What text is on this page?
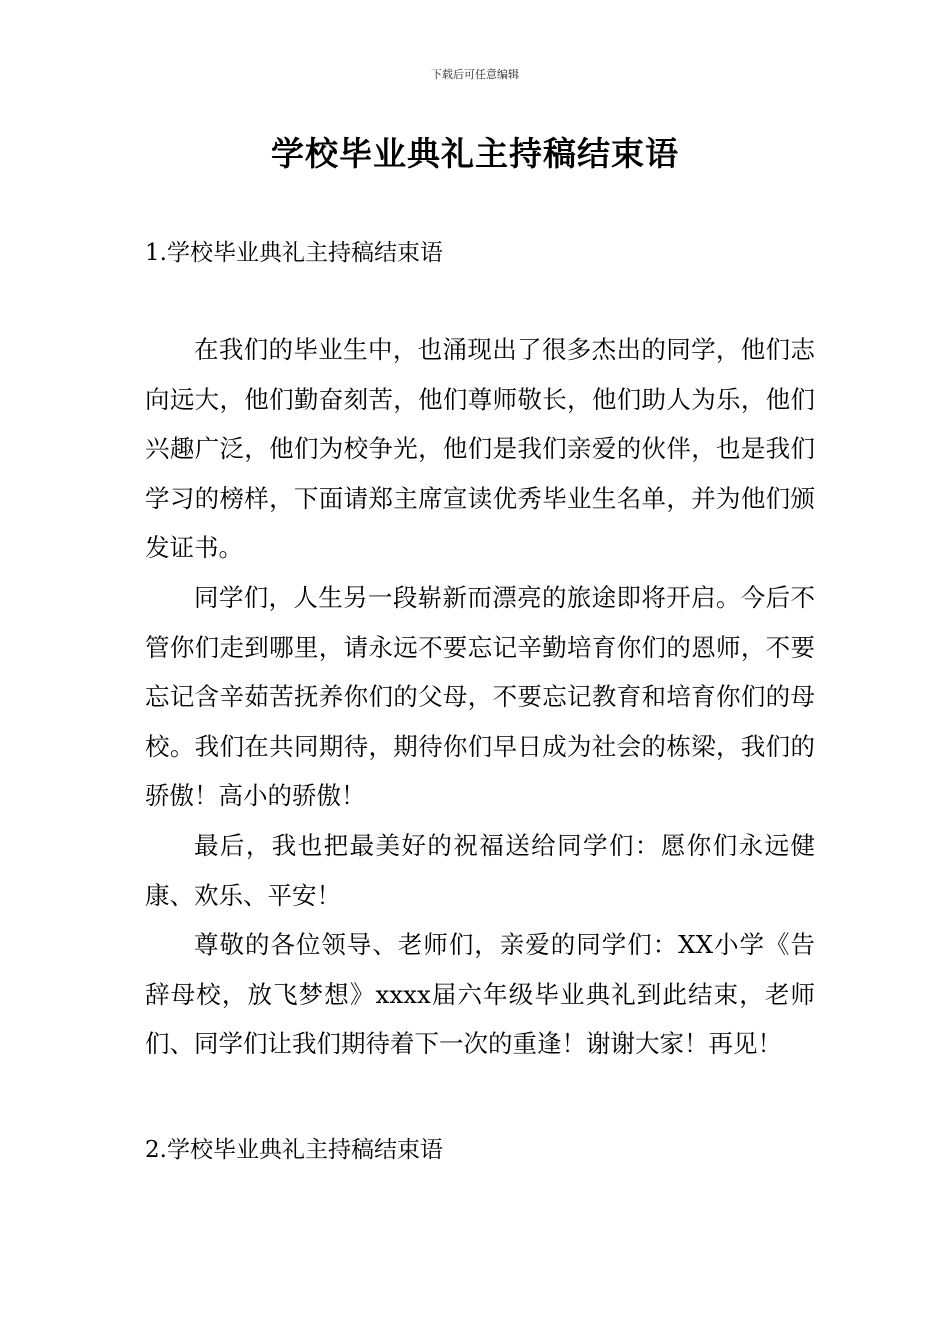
下载后可任意编辑
学校毕业典礼主持稿结束语
1.学校毕业典礼主持稿结束语

在我们的毕业生中，也涌现出了很多杰出的同学，他们志向远大，他们勤奋刻苦，他们尊师敬长，他们助人为乐，他们兴趣广泛，他们为校争光，他们是我们亲爱的伙伴，也是我们学习的榜样，下面请郑主席宣读优秀毕业生名单，并为他们颁发证书。

同学们，人生另一段崭新而漂亮的旅途即将开启。今后不管你们走到哪里，请永远不要忘记辛勤培育你们的恩师，不要忘记含辛茹苦抚养你们的父母，不要忘记教育和培育你们的母校。我们在共同期待，期待你们早日成为社会的栋梁，我们的骄傲！高小的骄傲！

最后，我也把最美好的祝福送给同学们：愿你们永远健康、欢乐、平安！

尊敬的各位领导、老师们，亲爱的同学们：XX小学《告辞母校，放飞梦想》xxxx届六年级毕业典礼到此结束，老师们、同学们让我们期待着下一次的重逢！谢谢大家！再见！

2.学校毕业典礼主持稿结束语
